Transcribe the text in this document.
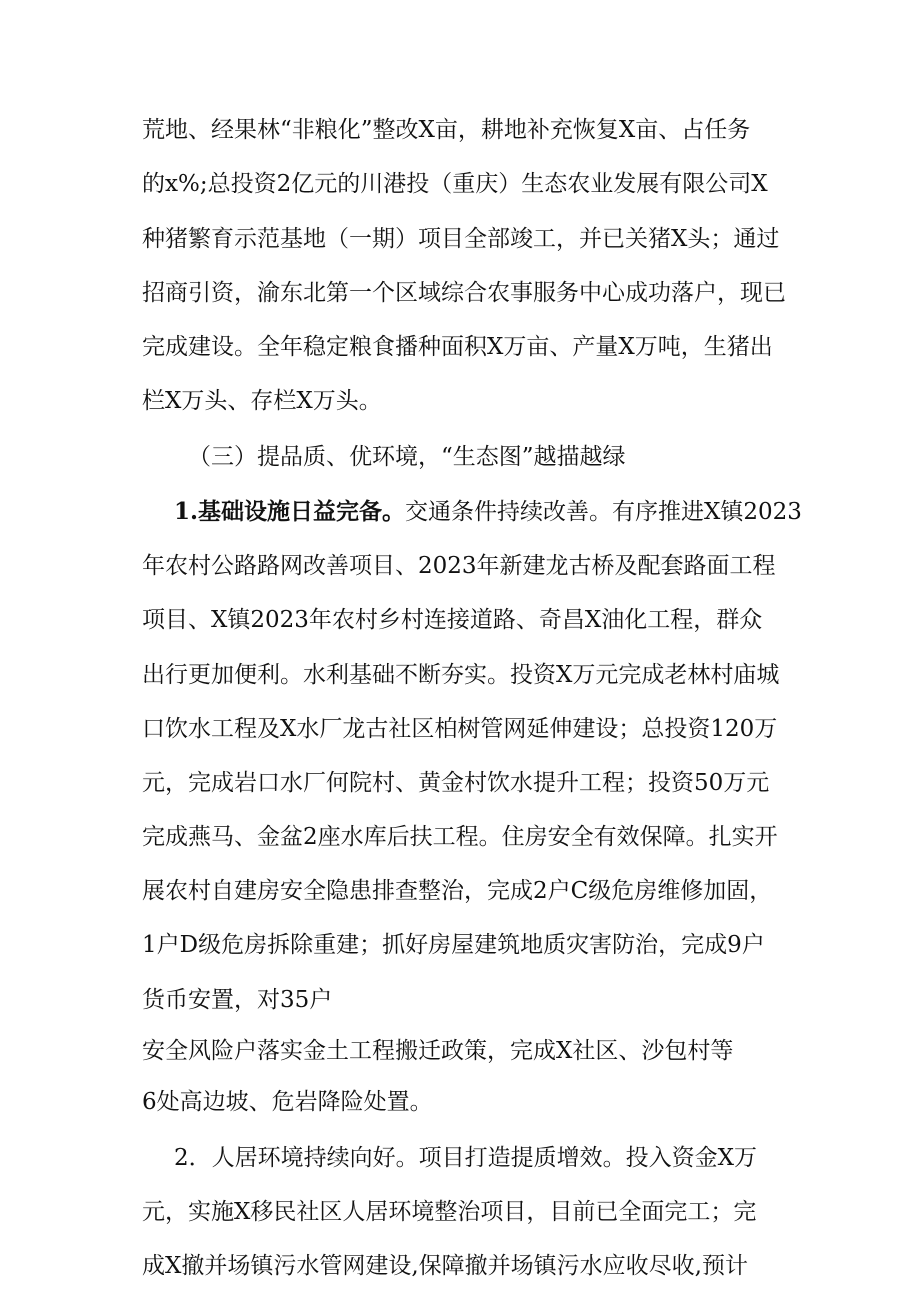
荒地、经果林“非粮化”整改X亩，耕地补充恢复X亩、占任务
的x%;总投资2亿元的川港投（重庆）生态农业发展有限公司X
种猪繁育示范基地（一期）项目全部竣工，并已关猪X头；通过
招商引资，渝东北第一个区域综合农事服务中心成功落户，现已
完成建设。全年稳定粮食播种面积X万亩、产量X万吨，生猪出
栏X万头、存栏X万头。
（三）提品质、优环境，“生态图”越描越绿
1.基础设施日益完备。交通条件持续改善。有序推进X镇2023
年农村公路路网改善项目、2023年新建龙古桥及配套路面工程
项目、X镇2023年农村乡村连接道路、奇昌X油化工程，群众
出行更加便利。水利基础不断夯实。投资X万元完成老林村庙城
口饮水工程及X水厂龙古社区柏树管网延伸建设；总投资120万
元，完成岩口水厂何院村、黄金村饮水提升工程；投资50万元
完成燕马、金盆2座水库后扶工程。住房安全有效保障。扎实开
展农村自建房安全隐患排查整治，完成2户C级危房维修加固，
1户D级危房拆除重建；抓好房屋建筑地质灾害防治，完成9户
货币安置，对35户
安全风险户落实金土工程搬迁政策，完成X社区、沙包村等
6处高边坡、危岩降险处置。
2．人居环境持续向好。项目打造提质增效。投入资金X万
元，实施X移民社区人居环境整治项目，目前已全面完工；完
成X撤并场镇污水管网建设,保障撤并场镇污水应收尽收,预计
